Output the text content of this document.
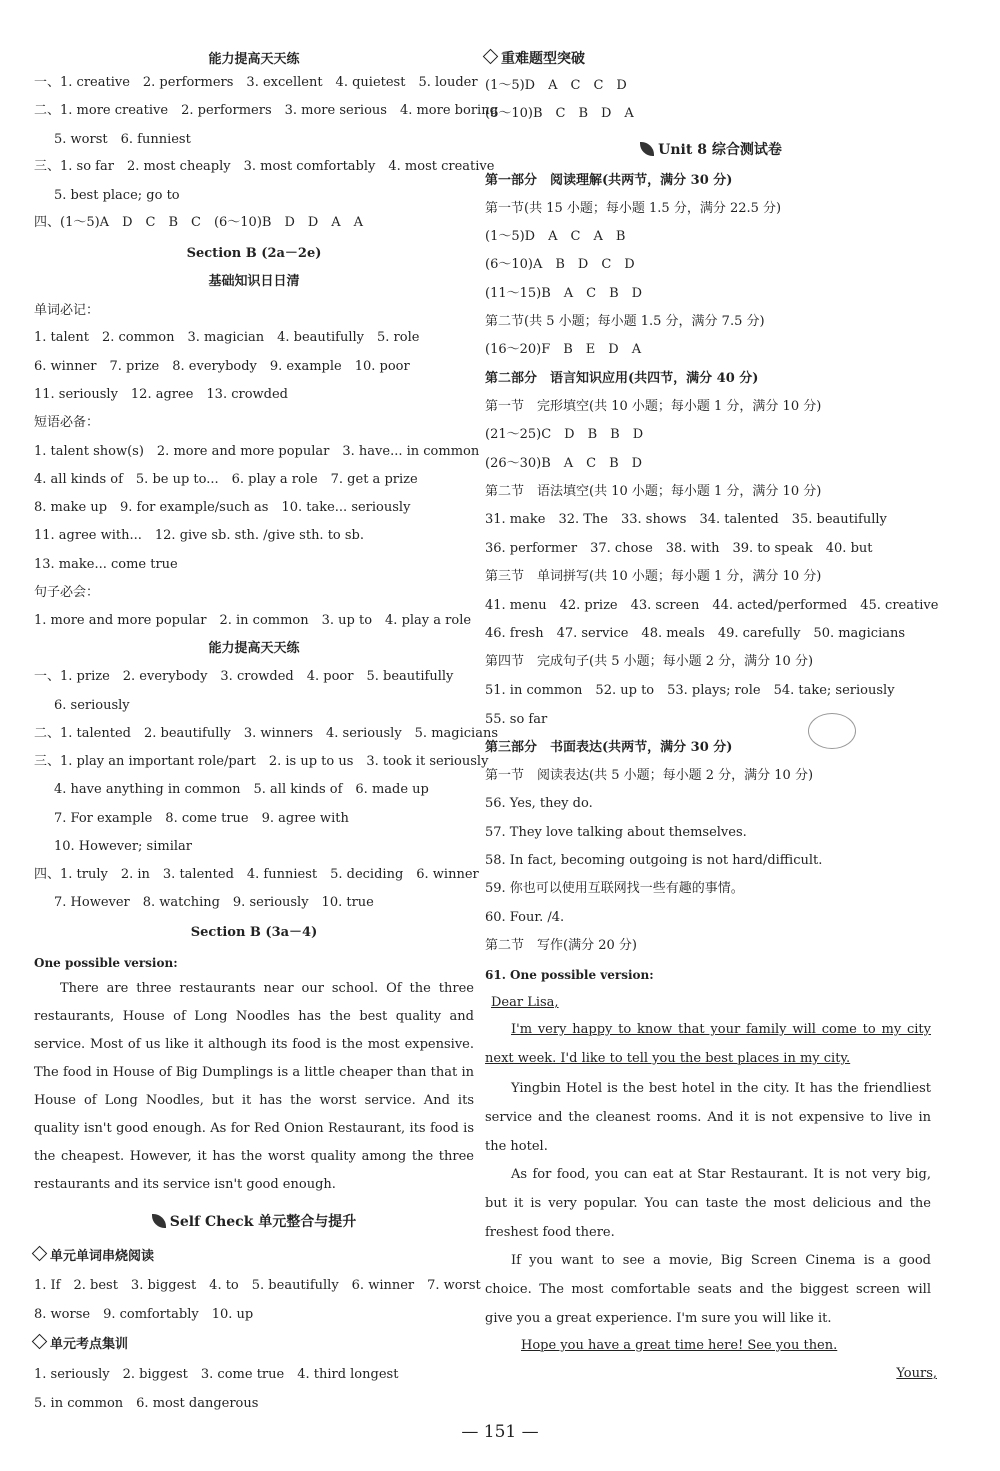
能力提高天天练
一、1. creative　2. performers　3. excellent　4. quietest　5. louder
二、1. more creative　2. performers　3. more serious　4. more boring
5. worst　6. funniest
三、1. so far　2. most cheaply　3. most comfortably　4. most creative
5. best place; go to
四、(1～5)A　D　C　B　C　(6～10)B　D　D　A　A
Section B (2a－2e)
基础知识日日清
单词必记：
1. talent　2. common　3. magician　4. beautifully　5. role
6. winner　7. prize　8. everybody　9. example　10. poor
11. seriously　12. agree　13. crowded
短语必备：
1. talent show(s)　2. more and more popular　3. have... in common
4. all kinds of　5. be up to...　6. play a role　7. get a prize
8. make up　9. for example/such as　10. take... seriously
11. agree with...　12. give sb. sth. /give sth. to sb.
13. make... come true
句子必会：
1. more and more popular　2. in common　3. up to　4. play a role
能力提高天天练
一、1. prize　2. everybody　3. crowded　4. poor　5. beautifully
6. seriously
二、1. talented　2. beautifully　3. winners　4. seriously　5. magicians
三、1. play an important role/part　2. is up to us　3. took it seriously
4. have anything in common　5. all kinds of　6. made up
7. For example　8. come true　9. agree with
10. However; similar
四、1. truly　2. in　3. talented　4. funniest　5. deciding　6. winner
7. However　8. watching　9. seriously　10. true
Section B (3a－4)
One possible version:
There are three restaurants near our school. Of the three restaurants, House of Long Noodles has the best quality and service. Most of us like it although its food is the most expensive. The food in House of Big Dumplings is a little cheaper than that in House of Long Noodles, but it has the worst service. And its quality isn't good enough. As for Red Onion Restaurant, its food is the cheapest. However, it has the worst quality among the three restaurants and its service isn't good enough.
Self Check 单元整合与提升
单元单词串烧阅读
1. If　2. best　3. biggest　4. to　5. beautifully　6. winner　7. worst
8. worse　9. comfortably　10. up
单元考点集训
1. seriously　2. biggest　3. come true　4. third longest
5. in common　6. most dangerous
重难题型突破
(1～5)D　A　C　C　D
(6～10)B　C　B　D　A
Unit 8 综合测试卷
第一部分　阅读理解(共两节，满分 30 分)
第一节(共 15 小题；每小题 1.5 分，满分 22.5 分)
(1～5)D　A　C　A　B
(6～10)A　B　D　C　D
(11～15)B　A　C　B　D
第二节(共 5 小题；每小题 1.5 分，满分 7.5 分)
(16～20)F　B　E　D　A
第二部分　语言知识应用(共四节，满分 40 分)
第一节　完形填空(共 10 小题；每小题 1 分，满分 10 分)
(21～25)C　D　B　B　D
(26～30)B　A　C　B　D
第二节　语法填空(共 10 小题；每小题 1 分，满分 10 分)
31. make　32. The　33. shows　34. talented　35. beautifully
36. performer　37. chose　38. with　39. to speak　40. but
第三节　单词拼写(共 10 小题；每小题 1 分，满分 10 分)
41. menu　42. prize　43. screen　44. acted/performed　45. creative
46. fresh　47. service　48. meals　49. carefully　50. magicians
第四节　完成句子(共 5 小题；每小题 2 分，满分 10 分)
51. in common　52. up to　53. plays; role　54. take; seriously
55. so far
第三部分　书面表达(共两节，满分 30 分)
第一节　阅读表达(共 5 小题；每小题 2 分，满分 10 分)
56. Yes, they do.
57. They love talking about themselves.
58. In fact, becoming outgoing is not hard/difficult.
59. 你也可以使用互联网找一些有趣的事情。
60. Four. /4.
第二节　写作(满分 20 分)
61. One possible version:
Dear Lisa,
I'm very happy to know that your family will come to my city next week. I'd like to tell you the best places in my city.
Yingbin Hotel is the best hotel in the city. It has the friendliest service and the cleanest rooms. And it is not expensive to live in the hotel.
As for food, you can eat at Star Restaurant. It is not very big, but it is very popular. You can taste the most delicious and the freshest food there.
If you want to see a movie, Big Screen Cinema is a good choice. The most comfortable seats and the biggest screen will give you a great experience. I'm sure you will like it.
Hope you have a great time here! See you then.
Yours,
— 151 —
